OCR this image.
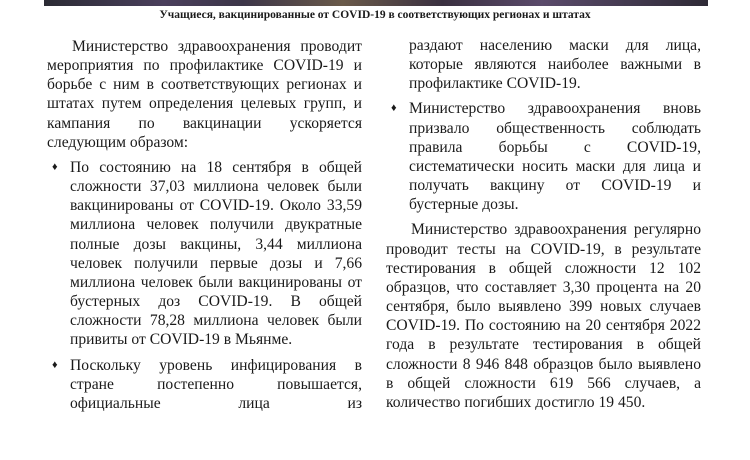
Учащиеся, вакцинированные от COVID-19 в соответствующих регионах и штатах

Министерство здравоохранения проводит мероприятия по профилактике COVID-19 и борьбе с ним в соответствующих регионах и штатах путем определения целевых групп, и кампания по вакцинации ускоряется следующим образом:

♦ По состоянию на 18 сентября в общей сложности 37,03 миллиона человек были вакцинированы от COVID-19. Около 33,59 миллиона человек получили двукратные полные дозы вакцины, 3,44 миллиона человек получили первые дозы и 7,66 миллиона человек были вакцинированы от бустерных доз COVID-19. В общей сложности 78,28 миллиона человек были привиты от COVID-19 в Мьянме.
♦ Поскольку уровень инфицирования в стране постепенно повышается, официальные лица из

раздают населению маски для лица, которые являются наиболее важными в профилактике COVID-19.

♦ Министерство здравоохранения вновь призвало общественность соблюдать правила борьбы с COVID-19, систематически носить маски для лица и получать вакцину от COVID-19 и бустерные дозы.

Министерство здравоохранения регулярно проводит тесты на COVID-19, в результате тестирования в общей сложности 12 102 образцов, что составляет 3,30 процента на 20 сентября, было выявлено 399 новых случаев COVID-19. По состоянию на 20 сентября 2022 года в результате тестирования в общей сложности 8 946 848 образцов было выявлено в общей сложности 619 566 случаев, а количество погибших достигло 19 450.
